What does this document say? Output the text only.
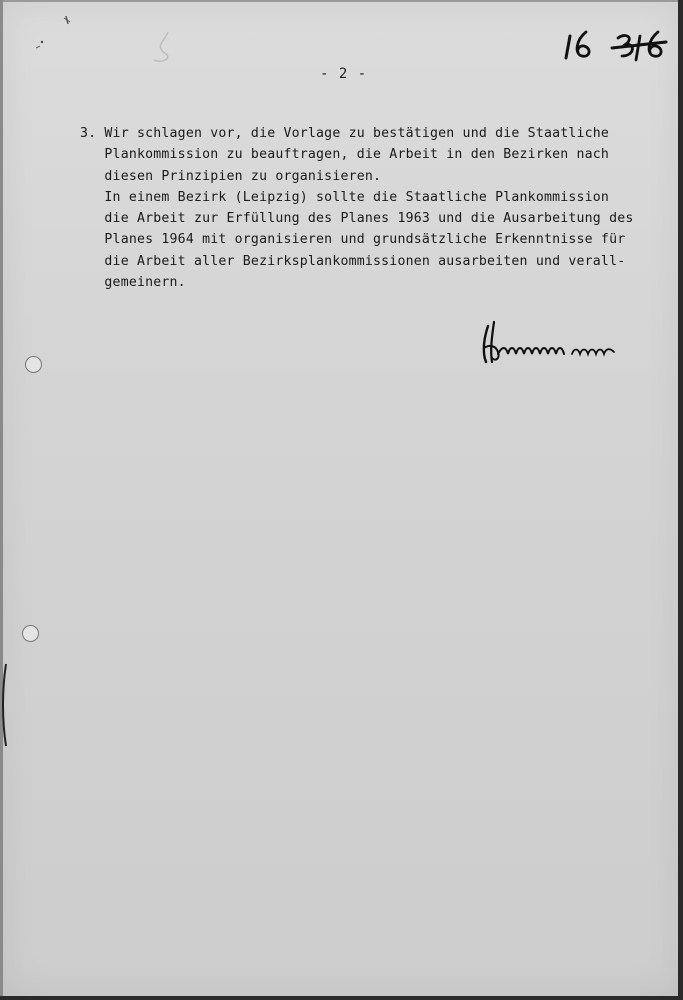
- 2 -
3. Wir schlagen vor, die Vorlage zu bestätigen und die Staatliche
Plankommission zu beauftragen, die Arbeit in den Bezirken nach
diesen Prinzipien zu organisieren.
In einem Bezirk (Leipzig) sollte die Staatliche Plankommission
die Arbeit zur Erfüllung des Planes 1963 und die Ausarbeitung des
Planes 1964 mit organisieren und grundsätzliche Erkenntnisse für
die Arbeit aller Bezirksplankommissionen ausarbeiten und verall-
gemeinern.
